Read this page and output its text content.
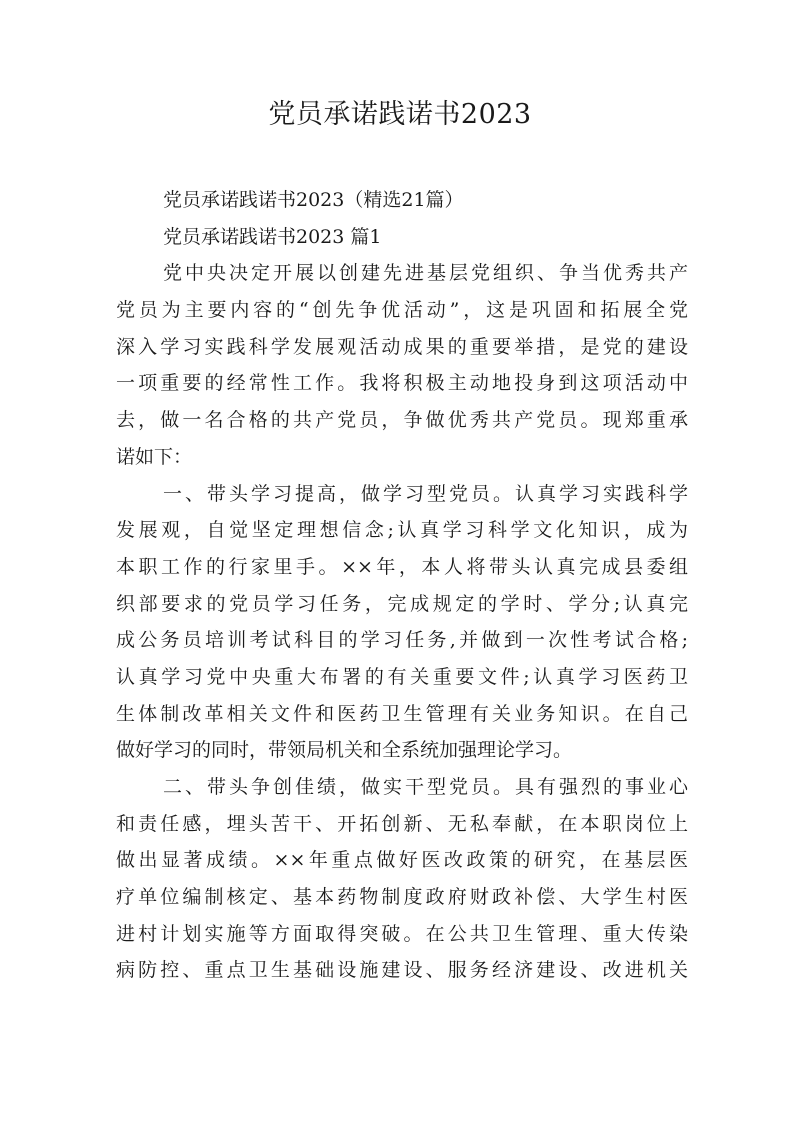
党员承诺践诺书2023
党员承诺践诺书2023（精选21篇）
党员承诺践诺书2023 篇1
党中央决定开展以创建先进基层党组织、争当优秀共产
党员为主要内容的“创先争优活动”，这是巩固和拓展全党
深入学习实践科学发展观活动成果的重要举措，是党的建设
一项重要的经常性工作。我将积极主动地投身到这项活动中
去，做一名合格的共产党员，争做优秀共产党员。现郑重承
诺如下：
一、带头学习提高，做学习型党员。认真学习实践科学
发展观，自觉坚定理想信念;认真学习科学文化知识，成为
本职工作的行家里手。××年，本人将带头认真完成县委组
织部要求的党员学习任务，完成规定的学时、学分;认真完
成公务员培训考试科目的学习任务,并做到一次性考试合格;
认真学习党中央重大布署的有关重要文件;认真学习医药卫
生体制改革相关文件和医药卫生管理有关业务知识。在自己
做好学习的同时，带领局机关和全系统加强理论学习。
二、带头争创佳绩，做实干型党员。具有强烈的事业心
和责任感，埋头苦干、开拓创新、无私奉献，在本职岗位上
做出显著成绩。××年重点做好医改政策的研究，在基层医
疗单位编制核定、基本药物制度政府财政补偿、大学生村医
进村计划实施等方面取得突破。在公共卫生管理、重大传染
病防控、重点卫生基础设施建设、服务经济建设、改进机关
